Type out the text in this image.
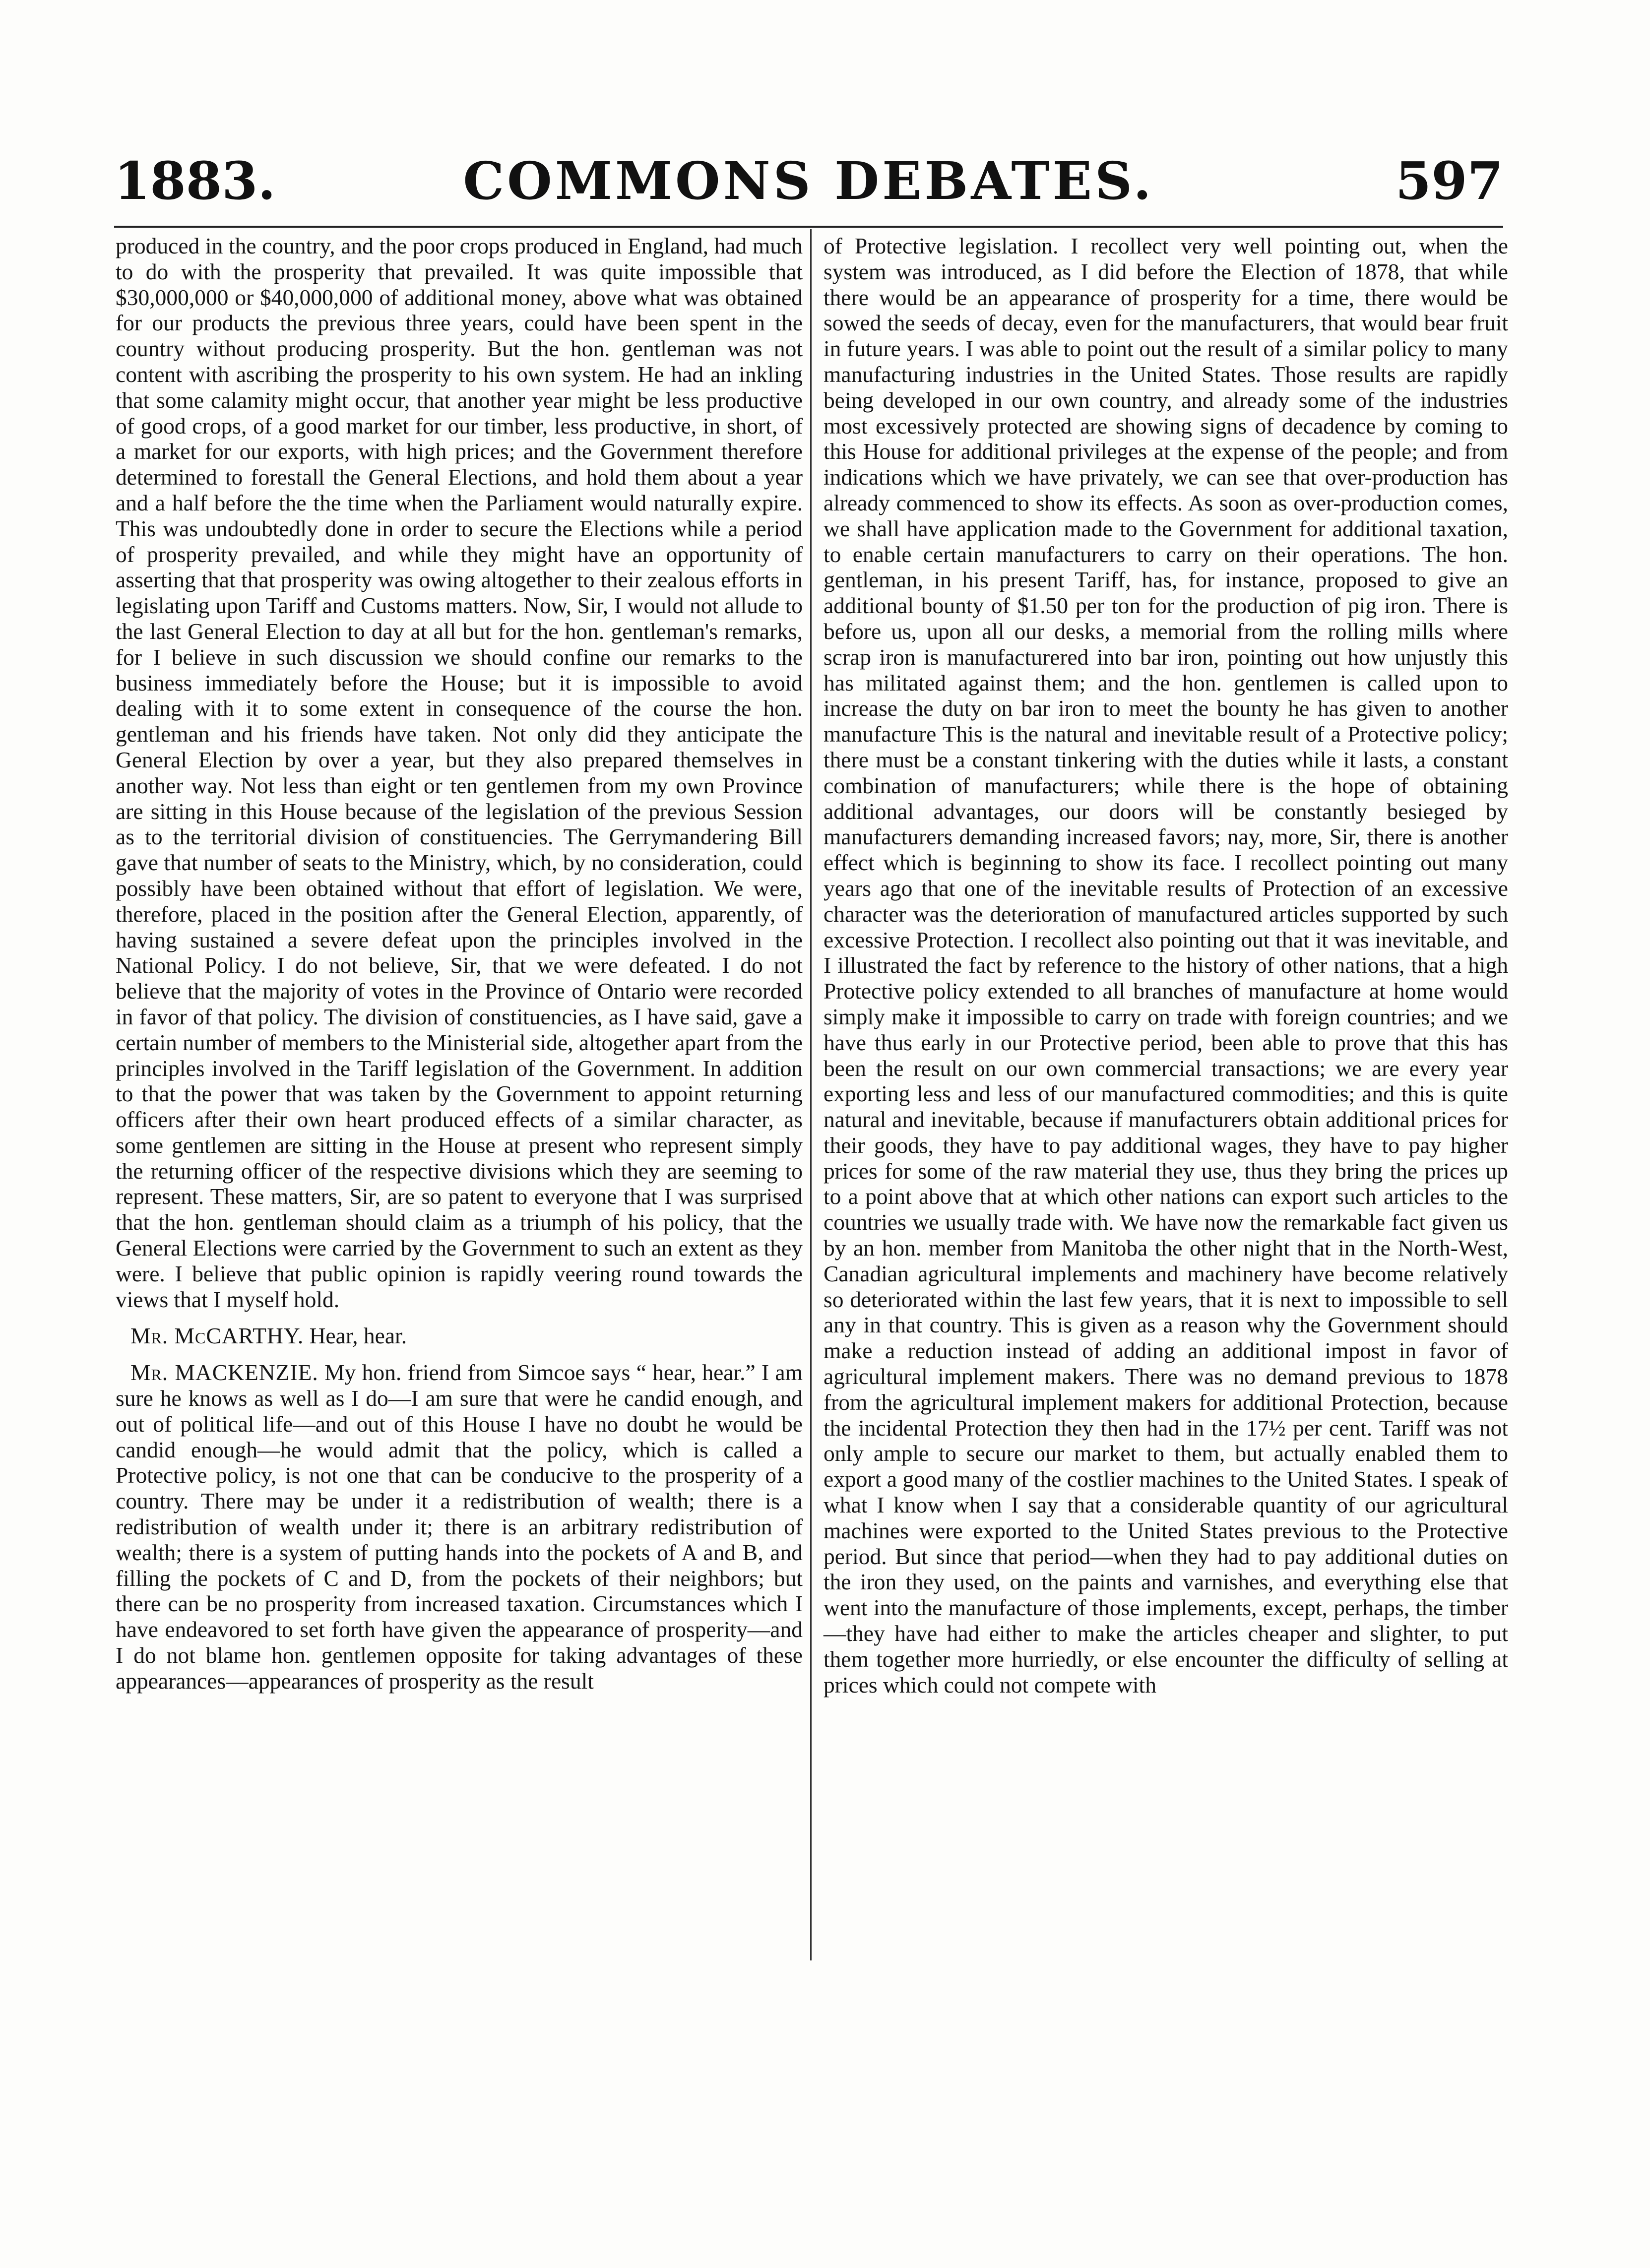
1883.	COMMONS DEBATES.	597

produced in the country, and the poor crops produced in England, had much to do with the prosperity that prevailed. It was quite impossible that $30,000,000 or $40,000,000 of additional money, above what was obtained for our products the previous three years, could have been spent in the country without producing prosperity. But the hon. gentleman was not content with ascribing the prosperity to his own system. He had an inkling that some calamity might occur, that another year might be less productive of good crops, of a good market for our timber, less productive, in short, of a market for our exports, with high prices; and the Government therefore determined to forestall the General Elections, and hold them about a year and a half before the the time when the Parliament would naturally expire. This was undoubtedly done in order to secure the Elections while a period of prosperity prevailed, and while they might have an opportunity of asserting that that prosperity was owing altogether to their zealous efforts in legislating upon Tariff and Customs matters. Now, Sir, I would not allude to the last General Election to day at all but for the hon. gentleman's remarks, for I believe in such discussion we should confine our remarks to the business immediately before the House; but it is impossible to avoid dealing with it to some extent in consequence of the course the hon. gentleman and his friends have taken. Not only did they anticipate the General Election by over a year, but they also prepared themselves in another way. Not less than eight or ten gentlemen from my own Province are sitting in this House because of the legislation of the previous Session as to the territorial division of constituencies. The Gerrymandering Bill gave that number of seats to the Ministry, which, by no consideration, could possibly have been obtained without that effort of legislation. We were, therefore, placed in the position after the General Election, apparently, of having sustained a severe defeat upon the principles involved in the National Policy. I do not believe, Sir, that we were defeated. I do not believe that the majority of votes in the Province of Ontario were recorded in favor of that policy. The division of constituencies, as I have said, gave a certain number of members to the Ministerial side, altogether apart from the principles involved in the Tariff legislation of the Government. In addition to that the power that was taken by the Government to appoint returning officers after their own heart produced effects of a similar character, as some gentlemen are sitting in the House at present who represent simply the returning officer of the respective divisions which they are seeming to represent. These matters, Sir, are so patent to everyone that I was surprised that the hon. gentleman should claim as a triumph of his policy, that the General Elections were carried by the Government to such an extent as they were. I believe that public opinion is rapidly veering round towards the views that I myself hold.

Mr. McCARTHY. Hear, hear.

Mr. MACKENZIE. My hon. friend from Simcoe says “ hear, hear.” I am sure he knows as well as I do—I am sure that were he candid enough, and out of political life—and out of this House I have no doubt he would be candid enough—he would admit that the policy, which is called a Protective policy, is not one that can be conducive to the prosperity of a country. There may be under it a redistribution of wealth; there is a redistribution of wealth under it; there is an arbitrary redistribution of wealth; there is a system of putting hands into the pockets of A and B, and filling the pockets of C and D, from the pockets of their neighbors; but there can be no prosperity from increased taxation. Circumstances which I have endeavored to set forth have given the appearance of prosperity—and I do not blame hon. gentlemen opposite for taking advantages of these appearances—appearances of prosperity as the result

of Protective legislation. I recollect very well pointing out, when the system was introduced, as I did before the Election of 1878, that while there would be an appearance of prosperity for a time, there would be sowed the seeds of decay, even for the manufacturers, that would bear fruit in future years. I was able to point out the result of a similar policy to many manufacturing industries in the United States. Those results are rapidly being developed in our own country, and already some of the industries most excessively protected are showing signs of decadence by coming to this House for additional privileges at the expense of the people; and from indications which we have privately, we can see that over-production has already commenced to show its effects. As soon as over-production comes, we shall have application made to the Government for additional taxation, to enable certain manufacturers to carry on their operations. The hon. gentleman, in his present Tariff, has, for instance, proposed to give an additional bounty of $1.50 per ton for the production of pig iron. There is before us, upon all our desks, a memorial from the rolling mills where scrap iron is manufacturered into bar iron, pointing out how unjustly this has militated against them; and the hon. gentlemen is called upon to increase the duty on bar iron to meet the bounty he has given to another manufacture This is the natural and inevitable result of a Protective policy; there must be a constant tinkering with the duties while it lasts, a constant combination of manufacturers; while there is the hope of obtaining additional advantages, our doors will be constantly besieged by manufacturers demanding increased favors; nay, more, Sir, there is another effect which is beginning to show its face. I recollect pointing out many years ago that one of the inevitable results of Protection of an excessive character was the deterioration of manufactured articles supported by such excessive Protection. I recollect also pointing out that it was inevitable, and I illustrated the fact by reference to the history of other nations, that a high Protective policy extended to all branches of manufacture at home would simply make it impossible to carry on trade with foreign countries; and we have thus early in our Protective period, been able to prove that this has been the result on our own commercial transactions; we are every year exporting less and less of our manufactured commodities; and this is quite natural and inevitable, because if manufacturers obtain additional prices for their goods, they have to pay additional wages, they have to pay higher prices for some of the raw material they use, thus they bring the prices up to a point above that at which other nations can export such articles to the countries we usually trade with. We have now the remarkable fact given us by an hon. member from Manitoba the other night that in the North-West, Canadian agricultural implements and machinery have become relatively so deteriorated within the last few years, that it is next to impossible to sell any in that country. This is given as a reason why the Government should make a reduction instead of adding an additional impost in favor of agricultural implement makers. There was no demand previous to 1878 from the agricultural implement makers for additional Protection, because the incidental Protection they then had in the 17½ per cent. Tariff was not only ample to secure our market to them, but actually enabled them to export a good many of the costlier machines to the United States. I speak of what I know when I say that a considerable quantity of our agricultural machines were exported to the United States previous to the Protective period. But since that period—when they had to pay additional duties on the iron they used, on the paints and varnishes, and everything else that went into the manufacture of those implements, except, perhaps, the timber—they have had either to make the articles cheaper and slighter, to put them together more hurriedly, or else encounter the difficulty of selling at prices which could not compete with
